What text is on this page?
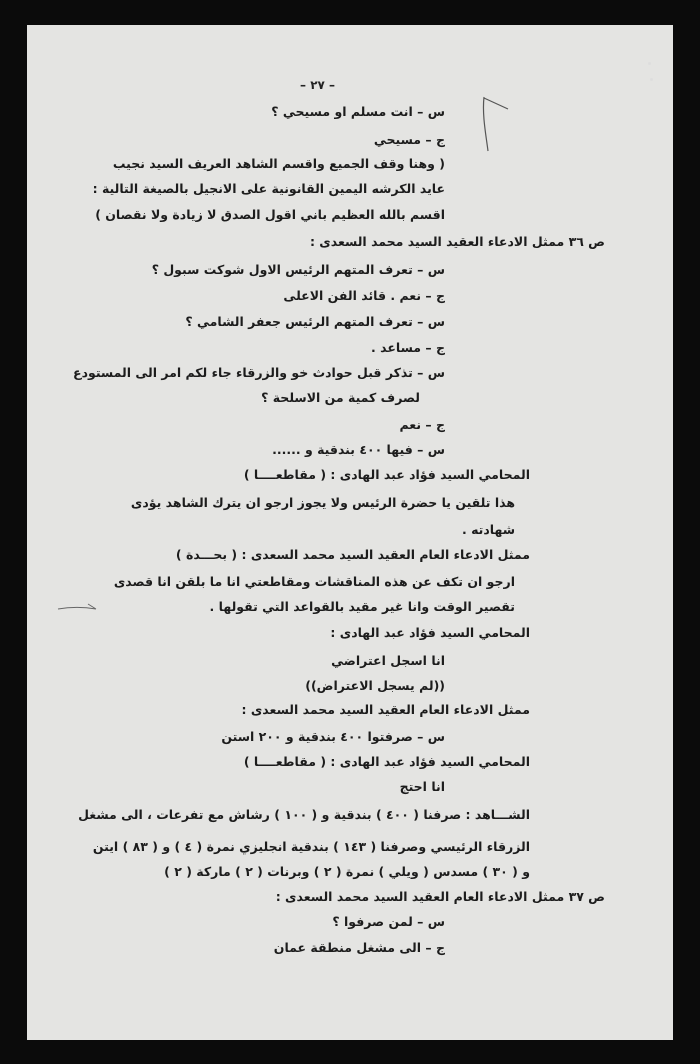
– ٢٧ –
س – انت مسلم او مسيحي ؟
ج – مسيحي
( وهنا وقف الجميع واقسم الشاهد العريف السيد نجيب
عايد الكرشه اليمين القانونية على الانجيل بالصيغة التالية :
اقسم بالله العظيم باني اقول الصدق لا زيادة ولا نقصان )
ص ٣٦ ممثل الادعاء العقيد السيد محمد السعدى :
س – تعرف المتهم الرئيس الاول شوكت سبول ؟
ج – نعم . قائد الفن الاعلى
س – تعرف المتهم الرئيس جعفر الشامي ؟
ج – مساعد .
س – تذكر قبل حوادث خو والزرقاء جاء لكم امر الى المستودع
لصرف كمية من الاسلحة ؟
ج – نعم
س – فيها ٤٠٠ بندقية و ......
المحامي السيد فؤاد عبد الهادى : ( مقاطعــــا )
هذا تلقين يا حضرة الرئيس ولا يجوز ارجو ان يترك الشاهد يؤدى
شهادته .
ممثل الادعاء العام العقيد السيد محمد السعدى : ( بحـــدة )
ارجو ان تكف عن هذه المناقشات ومقاطعتي انا ما بلقن انا قصدى
تقصير الوقت وانا غير مقيد بالقواعد التي تقولها .
المحامي السيد فؤاد عبد الهادى :
انا اسجل اعتراضي
((لم يسجل الاعتراض))
ممثل الادعاء العام العقيد السيد محمد السعدى :
س – صرفتوا ٤٠٠ بندقية و ٢٠٠ استن
المحامي السيد فؤاد عبد الهادى : ( مقاطعــــا )
انا احتج
الشـــاهد : صرفنا ( ٤٠٠ ) بندقية و ( ١٠٠ ) رشاش مع تفرعات ، الى مشغل
الزرقاء الرئيسي وصرفنا ( ١٤٣ ) بندقية انجليزي نمرة ( ٤ ) و ( ٨٣ ) ايتن
و ( ٣٠ ) مسدس ( ويلي ) نمرة ( ٢ ) وبرنات ( ٢ ) ماركة ( ٢ )
ص ٣٧ ممثل الادعاء العام العقيد السيد محمد السعدى :
س – لمن صرفوا ؟
ج – الى مشغل منطقة عمان
